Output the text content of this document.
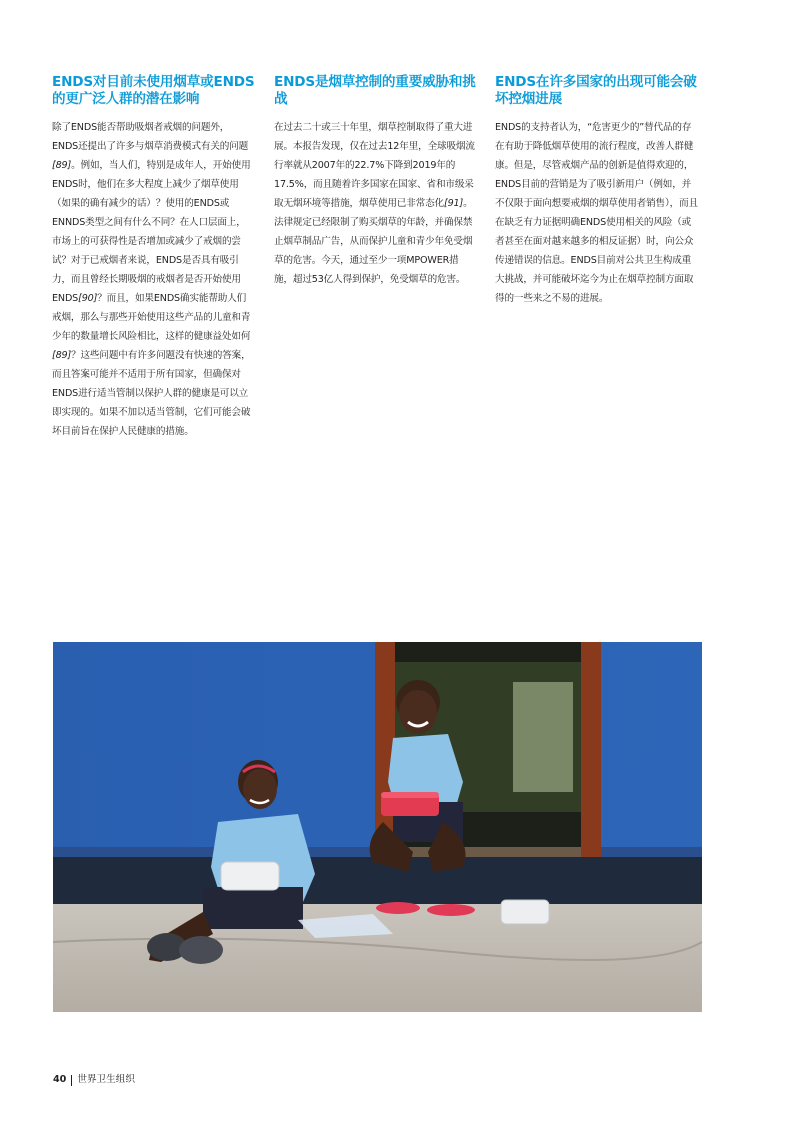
ENDS对目前未使用烟草或ENDS的更广泛人群的潜在影响

除了ENDS能否帮助吸烟者戒烟的问题外，ENDS还提出了许多与烟草消费模式有关的问题[89]。例如，当人们，特别是成年人，开始使用ENDS时，他们在多大程度上减少了烟草使用（如果的确有减少的话）？使用的ENDS或ENNDS类型之间有什么不同？在人口层面上，市场上的可获得性是否增加或减少了戒烟的尝试？对于已戒烟者来说，ENDS是否具有吸引力，而且曾经长期吸烟的戒烟者是否开始使用ENDS[90]？而且，如果ENDS确实能帮助人们戒烟，那么与那些开始使用这些产品的儿童和青少年的数量增长风险相比，这样的健康益处如何[89]？这些问题中有许多问题没有快速的答案，而且答案可能并不适用于所有国家，但确保对ENDS进行适当管制以保护人群的健康是可以立即实现的。如果不加以适当管制，它们可能会破坏目前旨在保护人民健康的措施。

ENDS是烟草控制的重要威胁和挑战

在过去二十或三十年里，烟草控制取得了重大进展。本报告发现，仅在过去12年里，全球吸烟流行率就从2007年的22.7%下降到2019年的17.5%，而且随着许多国家在国家、省和市级采取无烟环境等措施，烟草使用已非常态化[91]。法律规定已经限制了购买烟草的年龄，并确保禁止烟草制品广告，从而保护儿童和青少年免受烟草的危害。今天，通过至少一项MPOWER措施，超过53亿人得到保护，免受烟草的危害。

ENDS在许多国家的出现可能会破坏控烟进展

ENDS的支持者认为，“危害更少的”替代品的存在有助于降低烟草使用的流行程度，改善人群健康。但是，尽管戒烟产品的创新是值得欢迎的，ENDS目前的营销是为了吸引新用户（例如，并不仅限于面向想要戒烟的烟草使用者销售），而且在缺乏有力证据明确ENDS使用相关的风险（或者甚至在面对越来越多的相反证据）时，向公众传递错误的信息。ENDS目前对公共卫生构成重大挑战，并可能破坏迄今为止在烟草控制方面取得的一些来之不易的进展。

40 世界卫生组织
